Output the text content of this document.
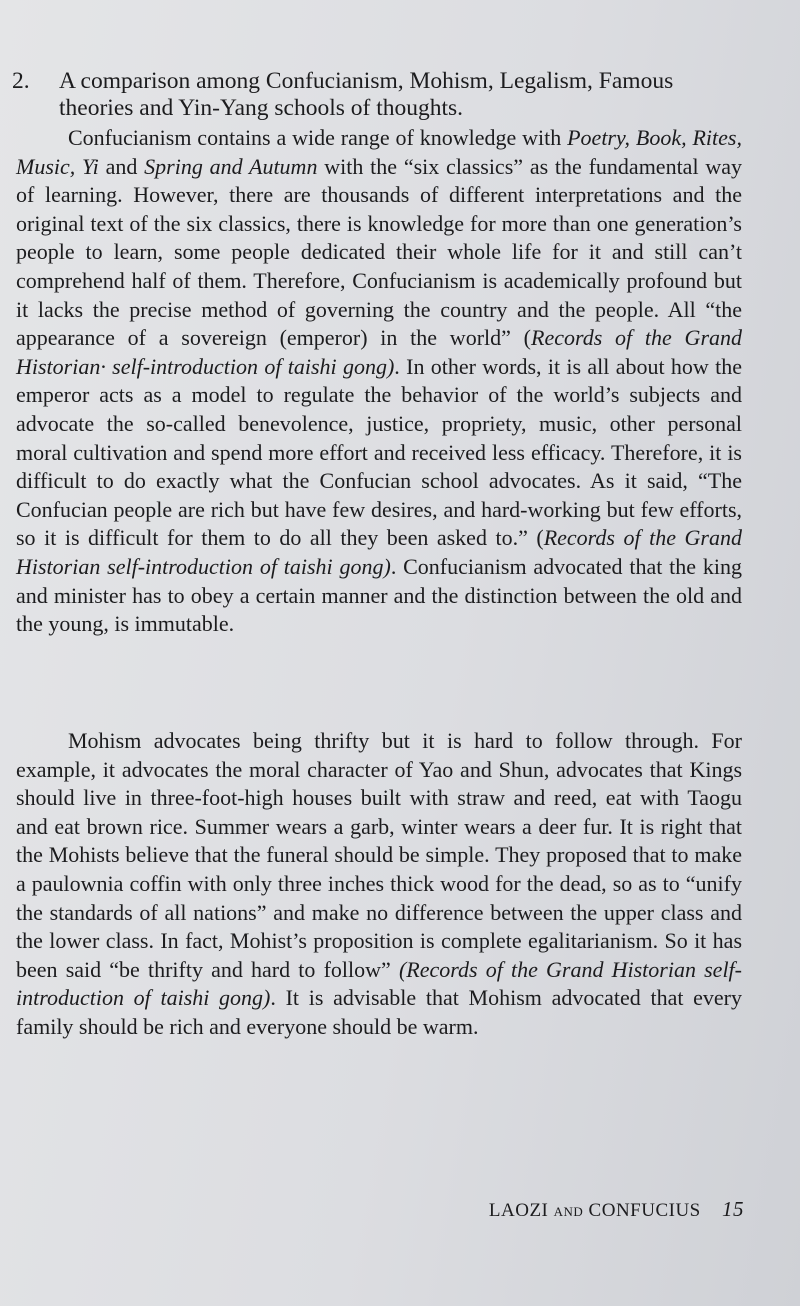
2.	A comparison among Confucianism, Mohism, Legalism, Famous theories and Yin-Yang schools of thoughts.

Confucianism contains a wide range of knowledge with Poetry, Book, Rites, Music, Yi and Spring and Autumn with the “six classics” as the fundamental way of learning. However, there are thousands of different interpretations and the original text of the six classics, there is knowledge for more than one generation’s people to learn, some people dedicated their whole life for it and still can’t comprehend half of them. Therefore, Confucianism is academically profound but it lacks the precise method of governing the country and the people. All “the appearance of a sovereign (emperor) in the world” (Records of the Grand Historian· self-introduction of taishi gong). In other words, it is all about how the emperor acts as a model to regulate the behavior of the world’s subjects and advocate the so-called benevolence, justice, propriety, music, other personal moral cultivation and spend more effort and received less efficacy. Therefore, it is difficult to do exactly what the Confucian school advocates. As it said, “The Confucian people are rich but have few desires, and hard-working but few efforts, so it is difficult for them to do all they been asked to.” (Records of the Grand Historian self-introduction of taishi gong). Confucianism advocated that the king and minister has to obey a certain manner and the distinction between the old and the young, is immutable.

Mohism advocates being thrifty but it is hard to follow through. For example, it advocates the moral character of Yao and Shun, advocates that Kings should live in three-foot-high houses built with straw and reed, eat with Taogu and eat brown rice. Summer wears a garb, winter wears a deer fur. It is right that the Mohists believe that the funeral should be simple. They proposed that to make a paulownia coffin with only three inches thick wood for the dead, so as to “unify the standards of all nations” and make no difference between the upper class and the lower class. In fact, Mohist’s proposition is complete egalitarianism. So it has been said “be thrifty and hard to follow” (Records of the Grand Historian self-introduction of taishi gong). It is advisable that Mohism advocated that every family should be rich and everyone should be warm.

LAOZI and CONFUCIUS 15
